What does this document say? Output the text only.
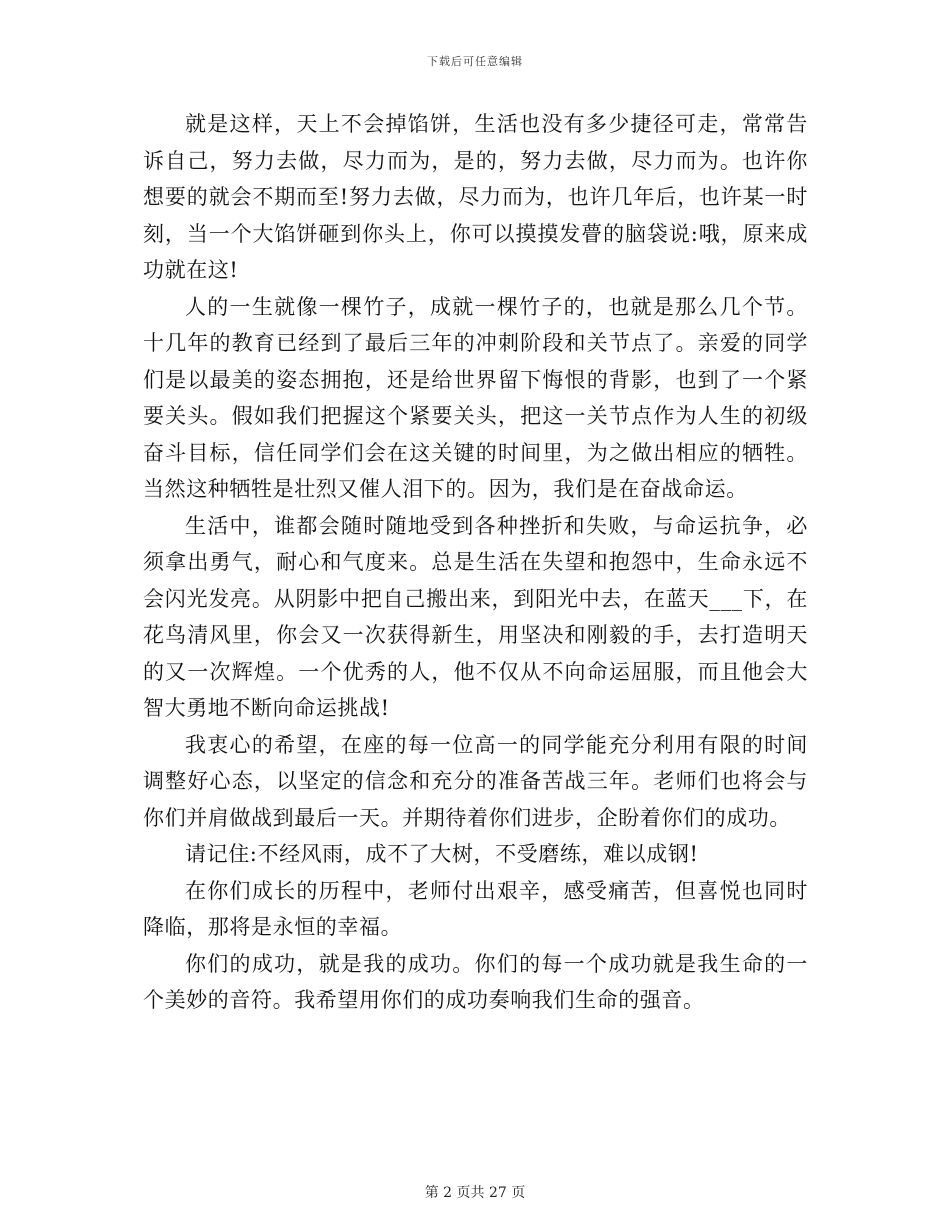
下载后可任意编辑

就是这样，天上不会掉馅饼，生活也没有多少捷径可走，常常告诉自己，努力去做，尽力而为，是的，努力去做，尽力而为。也许你想要的就会不期而至!努力去做，尽力而为，也许几年后，也许某一时刻，当一个大馅饼砸到你头上，你可以摸摸发瞢的脑袋说:哦，原来成功就在这!

人的一生就像一棵竹子，成就一棵竹子的，也就是那么几个节。十几年的教育已经到了最后三年的冲刺阶段和关节点了。亲爱的同学们是以最美的姿态拥抱，还是给世界留下悔恨的背影，也到了一个紧要关头。假如我们把握这个紧要关头，把这一关节点作为人生的初级奋斗目标，信任同学们会在这关键的时间里，为之做出相应的牺牲。当然这种牺牲是壮烈又催人泪下的。因为，我们是在奋战命运。

生活中，谁都会随时随地受到各种挫折和失败，与命运抗争，必须拿出勇气，耐心和气度来。总是生活在失望和抱怨中，生命永远不会闪光发亮。从阴影中把自己搬出来，到阳光中去，在蓝天___下，在花鸟清风里，你会又一次获得新生，用坚决和刚毅的手，去打造明天的又一次辉煌。一个优秀的人，他不仅从不向命运屈服，而且他会大智大勇地不断向命运挑战!

我衷心的希望，在座的每一位高一的同学能充分利用有限的时间调整好心态，以坚定的信念和充分的准备苦战三年。老师们也将会与你们并肩做战到最后一天。并期待着你们进步，企盼着你们的成功。

请记住:不经风雨，成不了大树，不受磨练，难以成钢!

在你们成长的历程中，老师付出艰辛，感受痛苦，但喜悦也同时降临，那将是永恒的幸福。

你们的成功，就是我的成功。你们的每一个成功就是我生命的一个美妙的音符。我希望用你们的成功奏响我们生命的强音。

第 2 页共 27 页
